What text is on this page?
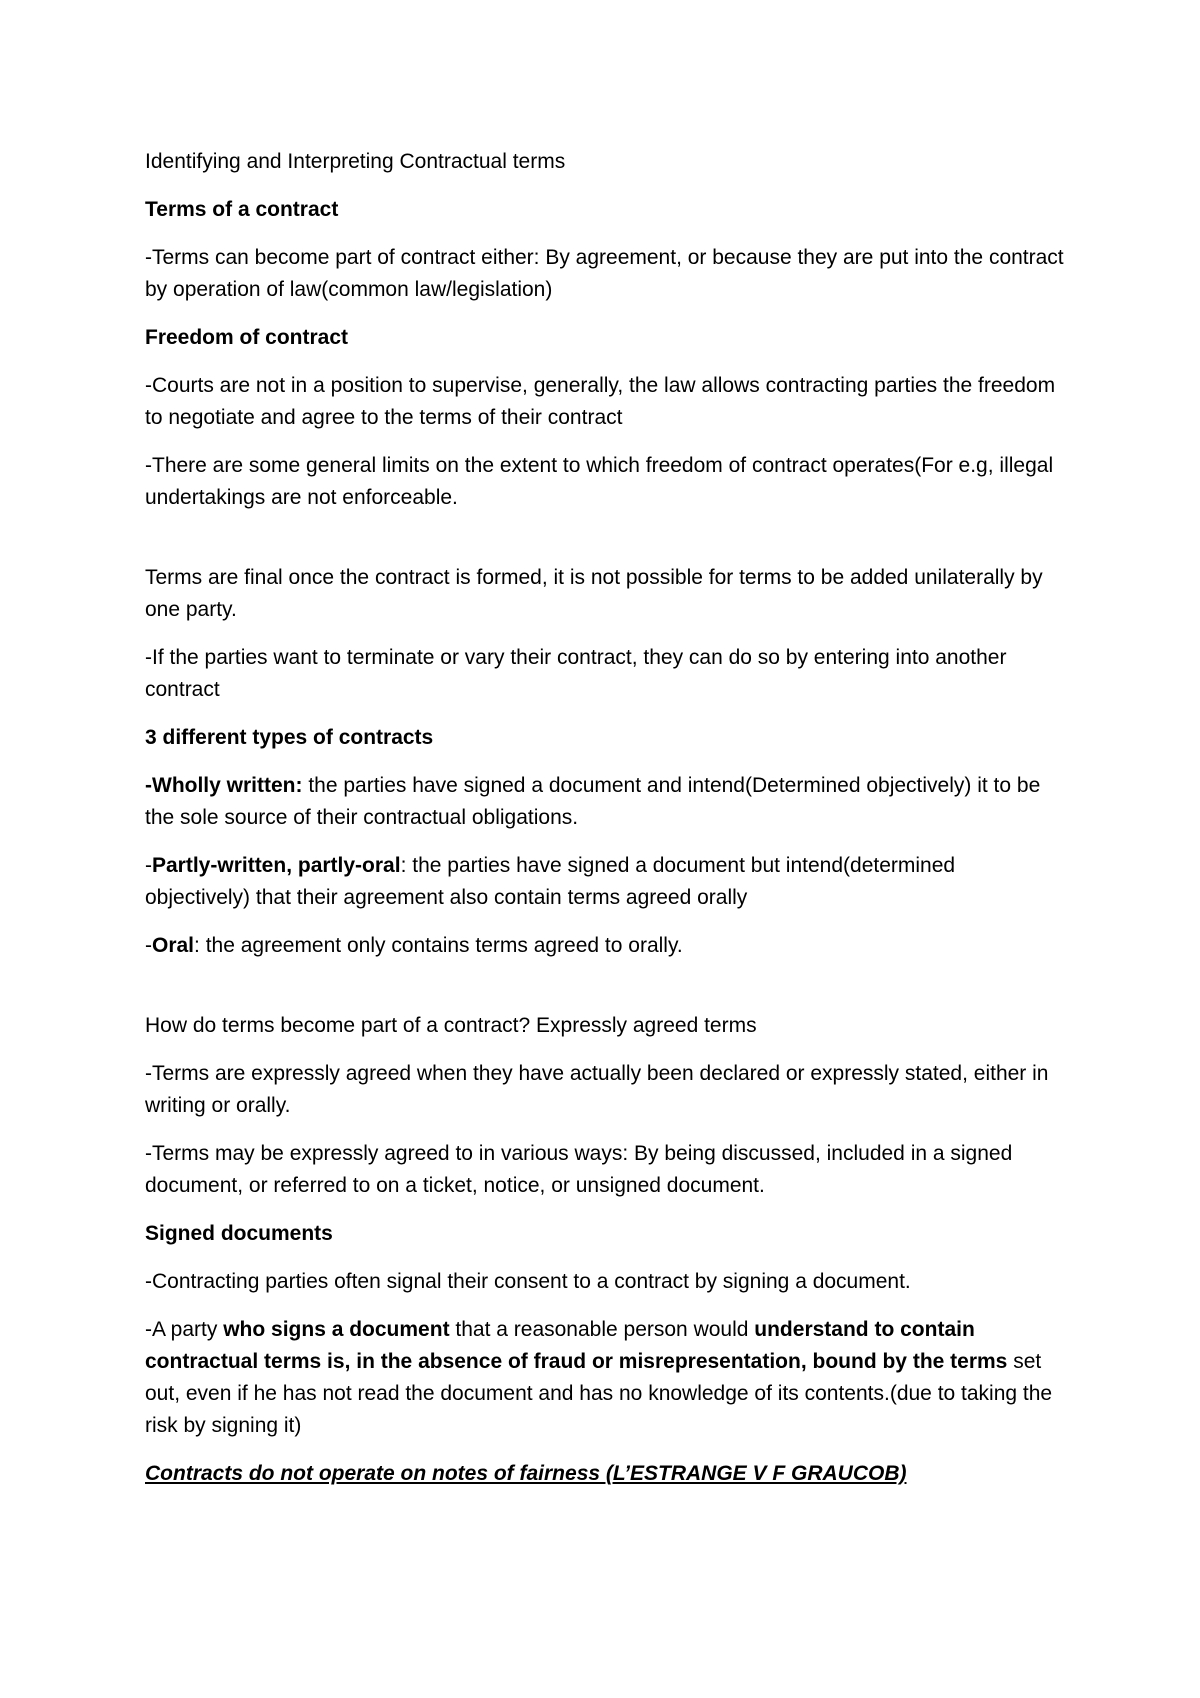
Identifying and Interpreting Contractual terms

Terms of a contract

-Terms can become part of contract either: By agreement, or because they are put into the contract by operation of law(common law/legislation)

Freedom of contract

-Courts are not in a position to supervise, generally, the law allows contracting parties the freedom to negotiate and agree to the terms of their contract

-There are some general limits on the extent to which freedom of contract operates(For e.g, illegal undertakings are not enforceable.

Terms are final once the contract is formed, it is not possible for terms to be added unilaterally by one party.

-If the parties want to terminate or vary their contract, they can do so by entering into another contract

3 different types of contracts

-Wholly written: the parties have signed a document and intend(Determined objectively) it to be the sole source of their contractual obligations.

-Partly-written, partly-oral: the parties have signed a document but intend(determined objectively) that their agreement also contain terms agreed orally

-Oral: the agreement only contains terms agreed to orally.

How do terms become part of a contract? Expressly agreed terms

-Terms are expressly agreed when they have actually been declared or expressly stated, either in writing or orally.

-Terms may be expressly agreed to in various ways: By being discussed, included in a signed document, or referred to on a ticket, notice, or unsigned document.

Signed documents

-Contracting parties often signal their consent to a contract by signing a document.

-A party who signs a document that a reasonable person would understand to contain contractual terms is, in the absence of fraud or misrepresentation, bound by the terms set out, even if he has not read the document and has no knowledge of its contents.(due to taking the risk by signing it)

Contracts do not operate on notes of fairness (L’ESTRANGE V F GRAUCOB)
